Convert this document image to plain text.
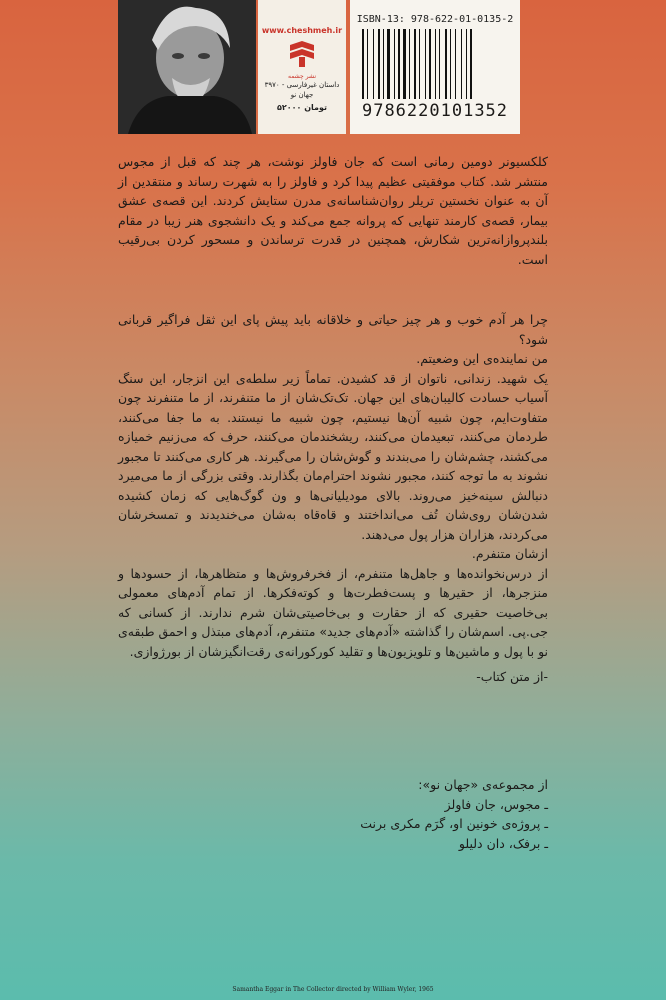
www.cheshmeh.ir
نشر چشمه
داستان غیرفارسی - ۳۹۷۰
جهان نو
۵۲۰۰۰ تومان
ISBN-13: 978-622-01-0135-2
9786220101352

کلکسیونر دومین رمانی است که جان فاولز نوشت، هر چند که قبل از مجوس منتشر شد. کتاب موفقیتی عظیم پیدا کرد و فاولز را به شهرت رساند و منتقدین از آن به عنوان نخستین تریلر روان‌شناسانه‌ی مدرن ستایش کردند. این قصه‌ی عشق بیمار، قصه‌ی کارمند تنهایی که پروانه جمع می‌کند و یک دانشجوی هنر زیبا در مقام بلندپروازانه‌ترین شکارش، همچنین در قدرت ترساندن و مسحور کردن بی‌رقیب است.

چرا هر آدم خوب و هر چیز حیاتی و خلاقانه باید پیش پای این ثقل فراگیر قربانی شود؟

من نماینده‌ی این وضعیتم.

یک شهید. زندانی، ناتوان از قد کشیدن. تماماً زیر سلطه‌ی این انزجار، این سنگ آسیاب حسادت کالیبان‌های این جهان. تک‌تک‌شان از ما متنفرند، از ما متنفرند چون متفاوت‌ایم، چون شبیه آن‌ها نیستیم، چون شبیه ما نیستند. به ما جفا می‌کنند، طردمان می‌کنند، تبعیدمان می‌کنند، ریشخندمان می‌کنند، حرف که می‌زنیم خمیازه می‌کشند، چشم‌شان را می‌بندند و گوش‌شان را می‌گیرند. هر کاری می‌کنند تا مجبور نشوند به ما توجه کنند، مجبور نشوند احترام‌مان بگذارند. وقتی بزرگی از ما می‌میرد دنبالش سینه‌خیز می‌روند. بالای مودیلیانی‌ها و ون گوگ‌هایی که زمان کشیده شدن‌شان روی‌شان تُف می‌انداختند و قاه‌قاه به‌شان می‌خندیدند و تمسخرشان می‌کردند، هزاران هزار پول می‌دهند.

ازشان متنفرم.

از درس‌نخوانده‌ها و جاهل‌ها متنفرم، از فخرفروش‌ها و متظاهرها، از حسودها و منزجرها، از حقیرها و پست‌فطرت‌ها و کوته‌فکرها. از تمام آدم‌های معمولی بی‌خاصیت حقیری که از حقارت و بی‌خاصیتی‌شان شرم ندارند. از کسانی که جی.پی. اسم‌شان را گذاشته «آدم‌های جدید» متنفرم، آدم‌های مبتذل و احمق طبقه‌ی نو با پول و ماشین‌ها و تلویزیون‌ها و تقلید کورکورانه‌ی رقت‌انگیزشان از بورژوازی.

-از متن کتاب-

از مجموعه‌ی «جهان نو»:

ـ مجوس، جان فاولز
ـ پروژه‌ی خونین او، گرَم مکری برنت
ـ برفک، دان دلیلو
Samantha Eggar in The Collector directed by William Wyler, 1965
